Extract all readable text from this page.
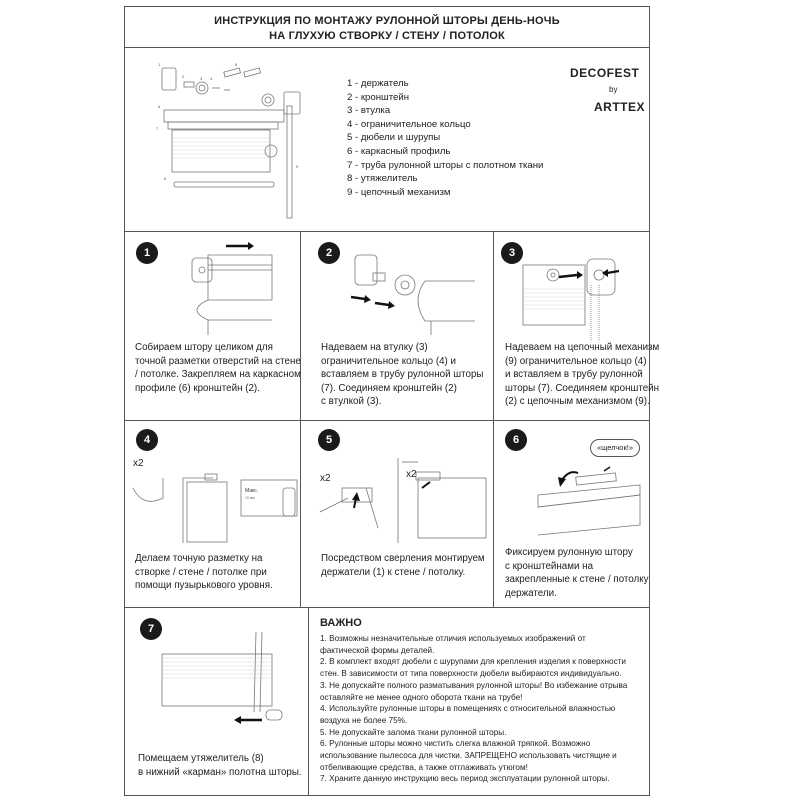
ИНСТРУКЦИЯ ПО МОНТАЖУ РУЛОННОЙ ШТОРЫ ДЕНЬ-НОЧЬ
НА ГЛУХУЮ СТВОРКУ / СТЕНУ / ПОТОЛОК
1
2	3 4
5
6
7
8
9
1 - держатель
2 - кронштейн
3 - втулка
4 - ограничительное кольцо
5 - дюбели и шурупы
6 - каркасный профиль
7 - труба рулонной шторы с полотном ткани
8 - утяжелитель
9 - цепочный механизм
DECOFEST
by
ARTTEX
1
Собираем штору целиком для
точной разметки отверстий на стене
/ потолке. Закрепляем на каркасном
профиле (6) кронштейн (2).
2
Надеваем на втулку (3)
ограничительное кольцо (4) и
вставляем в трубу рулонной шторы
(7). Соединяем кронштейн (2)
с втулкой (3).
3
Надеваем на цепочный механизм
(9) ограничительное кольцо (4)
и вставляем в трубу рулонной
шторы (7). Соединяем кронштейн
(2) с цепочным механизмом (9).
4
x2
Макс.
10 мм
Делаем точную разметку на
створке / стене / потолке при
помощи пузырькового уровня.
5
x2	x2
Посредством сверления монтируем
держатели (1) к стене / потолку.
6
«щелчок!»
Фиксируем рулонную штору
с кронштейнами на
закрепленные к стене / потолку
держатели.
7
Помещаем утяжелитель (8)
в нижний «карман» полотна шторы.
ВАЖНО
1. Возможны незначительные отличия используемых изображений от
фактической формы деталей.
2. В комплект входят дюбели с шурупами для крепления изделия к поверхности
стен. В зависимости от типа поверхности дюбели выбираются индивидуально.
3. Не допускайте полного разматывания рулонной шторы! Во избежание отрыва
оставляйте не менее одного оборота ткани на трубе!
4. Используйте рулонные шторы в помещениях с относительной влажностью
воздуха не более 75%.
5. Не допускайте залома ткани рулонной шторы.
6. Рулонные шторы можно чистить слегка влажной тряпкой. Возможно
использование пылесоса для чистки. ЗАПРЕЩЕНО использовать чистящие и
отбеливающие средства, а также отглаживать утюгом!
7. Храните данную инструкцию весь период эксплуатации рулонной шторы.
